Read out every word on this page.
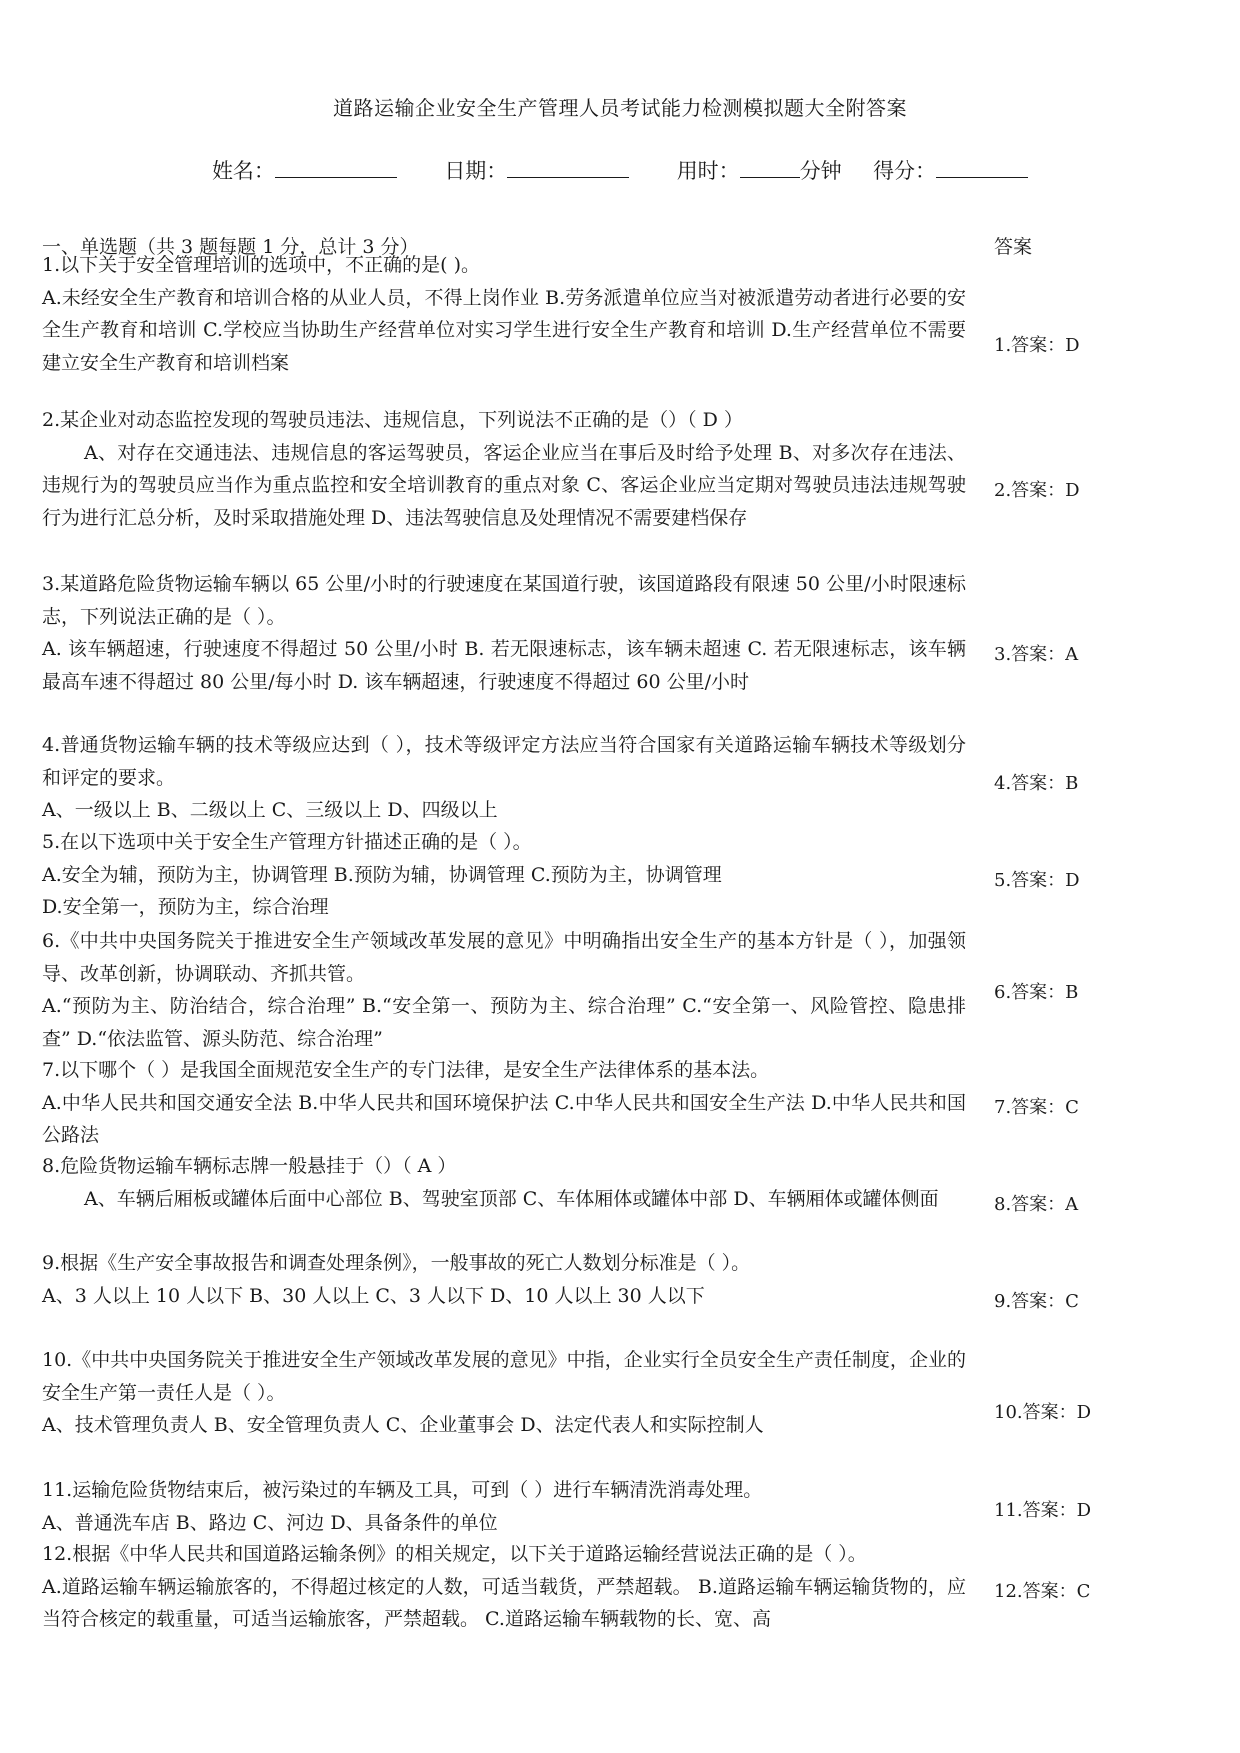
道路运输企业安全生产管理人员考试能力检测模拟题大全附答案
姓名：	日期：	用时：	分钟 得分：
一、单选题（共 3 题每题 1 分，总计 3 分）	答案

1.以下关于安全管理培训的选项中，不正确的是( )。

A.未经安全生产教育和培训合格的从业人员，不得上岗作业 B.劳务派遣单位应当对被派遣劳动者进行必要的安全生产教育和培训 C.学校应当协助生产经营单位对实习学生进行安全生产教育和培训 D.生产经营单位不需要建立安全生产教育和培训档案

1.答案：D

2.某企业对动态监控发现的驾驶员违法、违规信息，下列说法不正确的是（）（ D ）

A、对存在交通违法、违规信息的客运驾驶员，客运企业应当在事后及时给予处理 B、对多次存在违法、违规行为的驾驶员应当作为重点监控和安全培训教育的重点对象 C、客运企业应当定期对驾驶员违法违规驾驶行为进行汇总分析，及时采取措施处理 D、违法驾驶信息及处理情况不需要建档保存

2.答案：D

3.某道路危险货物运输车辆以 65 公里/小时的行驶速度在某国道行驶，该国道路段有限速 50 公里/小时限速标志，下列说法正确的是（ ）。

A. 该车辆超速，行驶速度不得超过 50 公里/小时 B. 若无限速标志，该车辆未超速 C. 若无限速标志，该车辆最高车速不得超过 80 公里/每小时 D. 该车辆超速，行驶速度不得超过 60 公里/小时

3.答案：A

4.普通货物运输车辆的技术等级应达到（ ），技术等级评定方法应当符合国家有关道路运输车辆技术等级划分和评定的要求。

A、一级以上 B、二级以上 C、三级以上 D、四级以上

4.答案：B

5.在以下选项中关于安全生产管理方针描述正确的是（ ）。

A.安全为辅，预防为主，协调管理 B.预防为辅，协调管理 C.预防为主，协调管理

D.安全第一，预防为主，综合治理

5.答案：D

6.《中共中央国务院关于推进安全生产领域改革发展的意见》中明确指出安全生产的基本方针是（ ），加强领导、改革创新，协调联动、齐抓共管。

A.“预防为主、防治结合，综合治理” B.“安全第一、预防为主、综合治理” C.“安全第一、风险管控、隐患排查” D.“依法监管、源头防范、综合治理”

6.答案：B

7.以下哪个（ ）是我国全面规范安全生产的专门法律，是安全生产法律体系的基本法。

A.中华人民共和国交通安全法 B.中华人民共和国环境保护法 C.中华人民共和国安全生产法 D.中华人民共和国公路法

7.答案：C

8.危险货物运输车辆标志牌一般悬挂于（）（ A ）

A、车辆后厢板或罐体后面中心部位 B、驾驶室顶部 C、车体厢体或罐体中部 D、车辆厢体或罐体侧面	8.答案：A

9.根据《生产安全事故报告和调查处理条例》，一般事故的死亡人数划分标准是（ ）。

A、3 人以上 10 人以下 B、30 人以上 C、3 人以下 D、10 人以上 30 人以下	9.答案：C

10.《中共中央国务院关于推进安全生产领域改革发展的意见》中指，企业实行全员安全生产责任制度，企业的安全生产第一责任人是（ ）。

A、技术管理负责人 B、安全管理负责人 C、企业董事会 D、法定代表人和实际控制人

10.答案：D

11.运输危险货物结束后，被污染过的车辆及工具，可到（ ）进行车辆清洗消毒处理。

A、普通洗车店 B、路边 C、河边 D、具备条件的单位

11.答案：D

12.根据《中华人民共和国道路运输条例》的相关规定，以下关于道路运输经营说法正确的是（ ）。

A.道路运输车辆运输旅客的，不得超过核定的人数，可适当载货，严禁超载。 B.道路运输车辆运输货物的，应当符合核定的载重量，可适当运输旅客，严禁超载。 C.道路运输车辆载物的长、宽、高

12.答案：C
